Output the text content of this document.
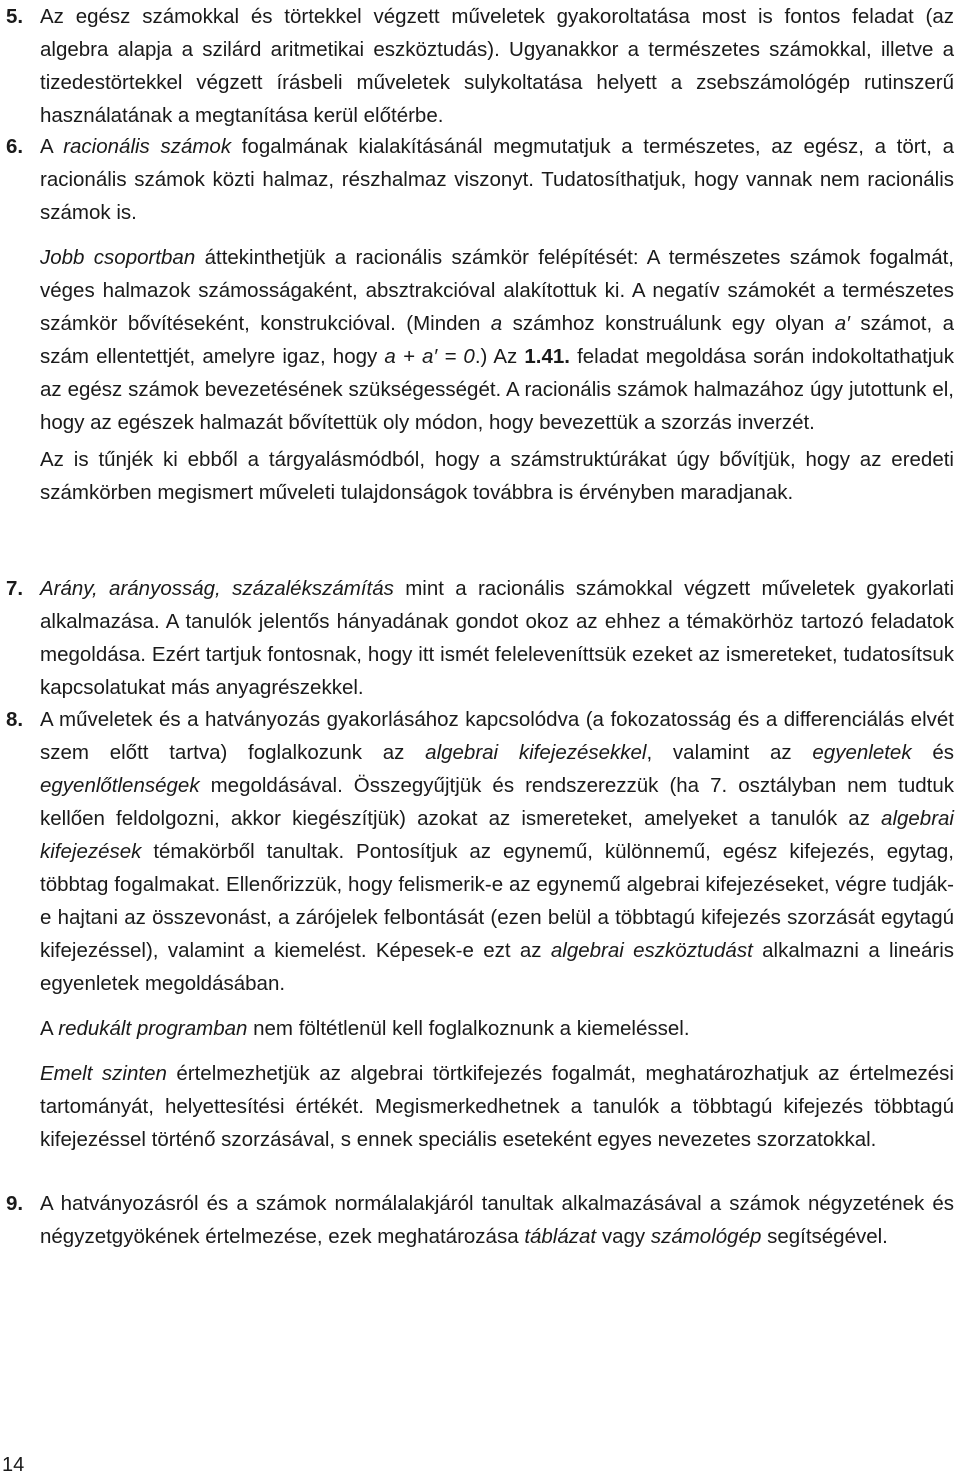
5. Az egész számokkal és törtekkel végzett műveletek gyakoroltatása most is fontos feladat (az algebra alapja a szilárd aritmetikai eszköztudás). Ugyanakkor a természetes számokkal, illetve a tizedestörtekkel végzett írásbeli műveletek sulykoltatása helyett a zsebszámológép rutinszerű használatának a megtanítása kerül előtérbe.

6. A racionális számok fogalmának kialakításánál megmutatjuk a természetes, az egész, a tört, a racionális számok közti halmaz, részhalmaz viszonyt. Tudatosíthatjuk, hogy vannak nem racionális számok is.

Jobb csoportban áttekinthetjük a racionális számkör felépítését: A természetes számok fogalmát, véges halmazok számosságaként, absztrakcióval alakítottuk ki. A negatív számokét a természetes számkör bővítéseként, konstrukcióval. (Minden a számhoz konstruálunk egy olyan a′ számot, a szám ellentettjét, amelyre igaz, hogy a + a′ = 0.) Az 1.41. feladat megoldása során indokoltathatjuk az egész számok bevezetésének szükségességét. A racionális számok halmazához úgy jutottunk el, hogy az egészek halmazát bővítettük oly módon, hogy bevezettük a szorzás inverzét.

Az is tűnjék ki ebből a tárgyalásmódból, hogy a számstruktúrákat úgy bővítjük, hogy az eredeti számkörben megismert műveleti tulajdonságok továbbra is érvényben maradjanak.

7. Arány, arányosság, százalékszámítás mint a racionális számokkal végzett műveletek gyakorlati alkalmazása. A tanulók jelentős hányadának gondot okoz az ehhez a témakörhöz tartozó feladatok megoldása. Ezért tartjuk fontosnak, hogy itt ismét feleleveníttsük ezeket az ismereteket, tudatosítsuk kapcsolatukat más anyagrészekkel.

8. A műveletek és a hatványozás gyakorlásához kapcsolódva (a fokozatosság és a differenciálás elvét szem előtt tartva) foglalkozunk az algebrai kifejezésekkel, valamint az egyenletek és egyenlőtlenségek megoldásával. Összegyűjtjük és rendszerezzük (ha 7. osztályban nem tudtuk kellően feldolgozni, akkor kiegészítjük) azokat az ismereteket, amelyeket a tanulók az algebrai kifejezések témakörből tanultak. Pontosítjuk az egynemű, különnemű, egész kifejezés, egytag, többtag fogalmakat. Ellenőrizzük, hogy felismerik-e az egynemű algebrai kifejezéseket, végre tudják-e hajtani az összevonást, a zárójelek felbontását (ezen belül a többtagú kifejezés szorzását egytagú kifejezéssel), valamint a kiemelést. Képesek-e ezt az algebrai eszköztudást alkalmazni a lineáris egyenletek megoldásában.

A redukált programban nem föltétlenül kell foglalkoznunk a kiemeléssel.

Emelt szinten értelmezhetjük az algebrai törtkifejezés fogalmát, meghatározhatjuk az értelmezési tartományát, helyettesítési értékét. Megismerkedhetnek a tanulók a többtagú kifejezés többtagú kifejezéssel történő szorzásával, s ennek speciális eseteként egyes nevezetes szorzatokkal.

9. A hatványozásról és a számok normálalakjáról tanultak alkalmazásával a számok négyzetének és négyzetgyökének értelmezése, ezek meghatározása táblázat vagy számológép segítségével.

14
